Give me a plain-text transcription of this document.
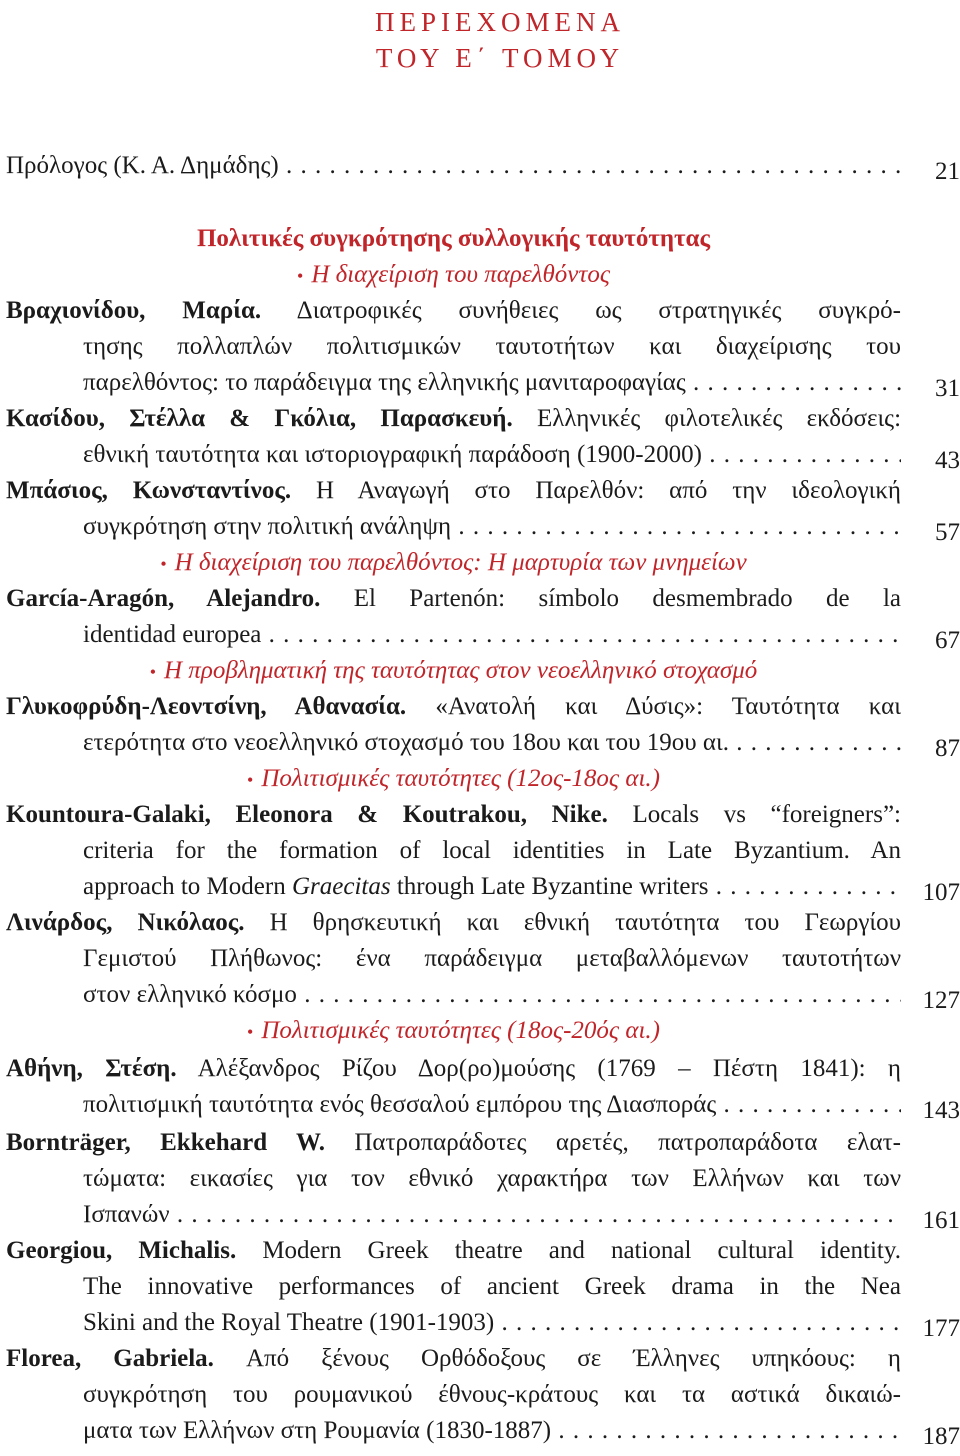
ΠΕΡΙΕΧΟΜΕΝΑ
ΤΟΥ Ε΄ ΤΟΜΟΥ
Πρόλογος (Κ. Α. Δημάδης) . . .	21
Πολιτικές συγκρότησης συλλογικής ταυτότητας
• Η διαχείριση του παρελθόντος
Βραχιονίδου, Μαρία. Διατροφικές συνήθειες ως στρατηγικές συγκρό-
τησης πολλαπλών πολιτισμικών ταυτοτήτων και διαχείρισης του
παρελθόντος: το παράδειγμα της ελληνικής μανιταροφαγίας . . .	31
Κασίδου, Στέλλα & Γκόλια, Παρασκευή. Ελληνικές φιλοτελικές εκδόσεις:
εθνική ταυτότητα και ιστοριογραφική παράδοση (1900-2000) . . .	43
Μπάσιος, Κωνσταντίνος. Η Αναγωγή στο Παρελθόν: από την ιδεολογική
συγκρότηση στην πολιτική ανάληψη . . .	57
• Η διαχείριση του παρελθόντος: Η μαρτυρία των μνημείων
García-Aragón, Alejandro. El Partenón: símbolo desmembrado de la
identidad europea . . .	67
• Η προβληματική της ταυτότητας στον νεοελληνικό στοχασμό
Γλυκοφρύδη-Λεοντσίνη, Αθανασία. «Ανατολή και Δύσις»: Ταυτότητα και
ετερότητα στο νεοελληνικό στοχασμό του 18ου και του 19ου αι. . . .	87
• Πολιτισμικές ταυτότητες (12ος-18ος αι.)
Kountoura-Galaki, Eleonora & Koutrakou, Nike. Locals vs “foreigners”:
criteria for the formation of local identities in Late Byzantium. An
approach to Modern Graecitas through Late Byzantine writers . . .	107
Λινάρδος, Νικόλαος. Η θρησκευτική και εθνική ταυτότητα του Γεωργίου
Γεμιστού Πλήθωνος: ένα παράδειγμα μεταβαλλόμενων ταυτοτήτων
στον ελληνικό κόσμο . . .	127
• Πολιτισμικές ταυτότητες (18ος-20ός αι.)
Αθήνη, Στέση. Αλέξανδρος Ρίζου Δορ(ρο)μούσης (1769 – Πέστη 1841): η
πολιτισμική ταυτότητα ενός θεσσαλού εμπόρου της Διασποράς . . .	143
Bornträger, Ekkehard W. Πατροπαράδοτες αρετές, πατροπαράδοτα ελατ-
τώματα: εικασίες για τον εθνικό χαρακτήρα των Ελλήνων και των
Ισπανών . . .	161
Georgiou, Michalis. Modern Greek theatre and national cultural identity.
The innovative performances of ancient Greek drama in the Nea
Skini and the Royal Theatre (1901-1903) . . .	177
Florea, Gabriela. Από ξένους Ορθόδοξους σε Έλληνες υπηκόους: η
συγκρότηση του ρουμανικού έθνους-κράτους και τα αστικά δικαιώ-
ματα των Ελλήνων στη Ρουμανία (1830-1887) . . .	187
